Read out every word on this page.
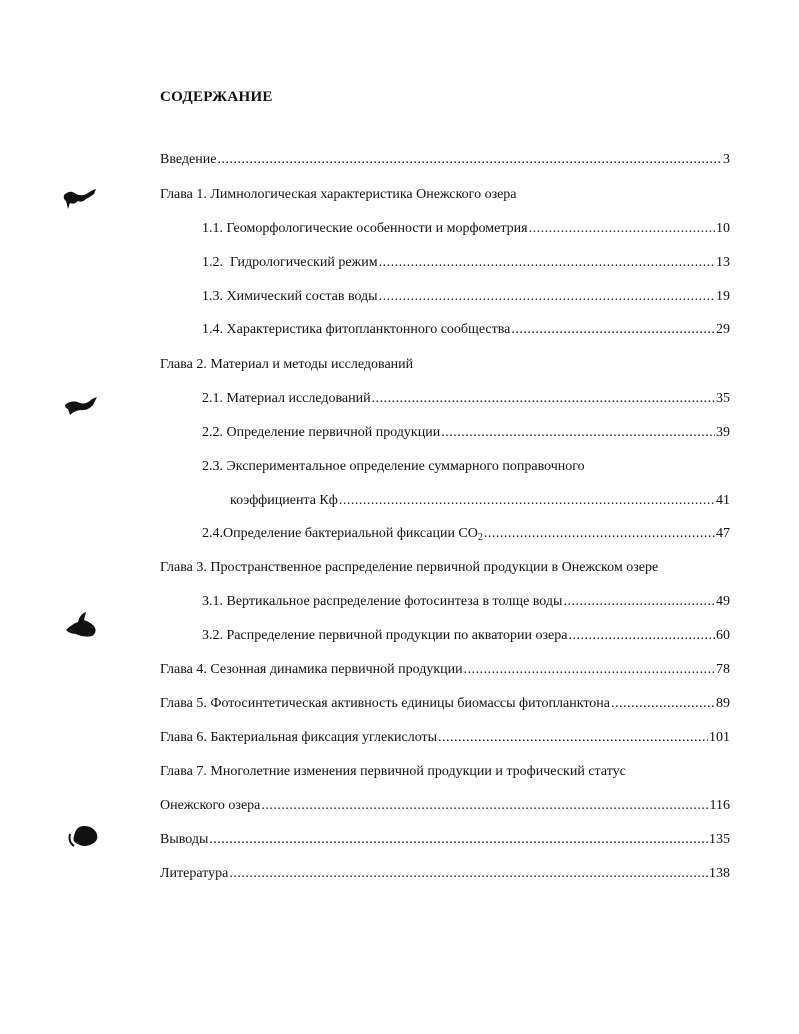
СОДЕРЖАНИЕ
Введение .....	3
Глава 1. Лимнологическая характеристика Онежского озера
1.1. Геоморфологические особенности и морфометрия .....	10
1.2.  Гидрологический режим .....	13
1.3. Химический состав воды .....	19
1.4. Характеристика фитопланктонного сообщества .....	29
Глава 2. Материал и методы исследований
2.1. Материал исследований .....	35
2.2. Определение первичной продукции .....	39
2.3. Экспериментальное определение суммарного поправочного
коэффициента Кф .....	41
2.4.Определение бактериальной фиксации $CO_2$ .....	47
Глава 3. Пространственное распределение первичной продукции в Онежском озере
3.1. Вертикальное распределение фотосинтеза в толще воды .....	49
3.2. Распределение первичной продукции по акватории озера .....	60
Глава 4. Сезонная динамика первичной продукции .....	78
Глава 5. Фотосинтетическая активность единицы биомассы фитопланктона .....	89
Глава 6. Бактериальная фиксация углекислоты .....	101
Глава 7. Многолетние изменения первичной продукции и трофический статус
Онежского озера .....	116
Выводы .....	135
Литература .....	138
